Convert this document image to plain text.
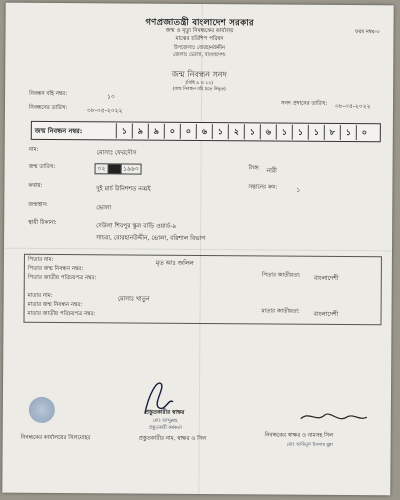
গণপ্রজাতন্ত্রী বাংলাদেশ সরকার
জন্ম ও মৃত্যু নিবন্ধকের কার্যালয়
মাঝের চরিশিপ পরিষদ
উপজেলাঃ বোরহানউদ্দীন
জেলাঃ ভোলা, বাংলাদেশ।
জন্ম নিবন্ধন সনদ
(বিধি ৯ ও ১০)
(জন্ম নিবন্ধন বহি হতে উদ্ধৃত)
ফরম নম্বর-৩
নিবন্ধন বহি নম্বর:	১০
নিবন্ধনের তারিখ:	০৮-০৫-২০২২
সনদ প্রদানের তারিখ: ০৮-০৫-২০২২
জন্ম নিবন্ধন নম্বর:	১	৯	৯	০	০	৬	১	২	১	৬	১	১	১	৮	১	০
নাম:	মোসাঃ ফেরদৌস
জন্ম তারিখ:	০২ ০৩ ১৯৯০	লিঙ্গ: নারী
কথায়:	দুই মার্চ উনিশশত নব্বই	সন্তানের ক্রম:	১
জন্মস্থান:	ভোলা
স্থায়ী ঠিকানা:	দেউলা শিবপুর স্কুল বাড়ি ওয়ার্ড-৯
সাচরা, বোরহানউদ্দীন, ভোলা, বরিশাল বিভাগ
পিতার নাম:	মৃত আঃ জলিল
পিতার জন্ম নিবন্ধন নম্বর:
পিতার জাতীয় পরিচয়পত্র নম্বর:	পিতার জাতীয়তা: বাংলাদেশী
মাতার নাম:	মোসাঃ খাতুন
মাতার জন্ম নিবন্ধন নম্বর:
মাতার জাতীয় পরিচয়পত্র নম্বর:	মাতার জাতীয়তা: বাংলাদেশী
নিবন্ধকের কার্যালয়ের সিলমোহর
প্রস্তুতকারীর স্বাক্ষর
মোঃ আব্দুল্লাহ
প্রস্তুতকারী কর্মকর্তা
প্রস্তুতকারীর নাম, স্বাক্ষর ও সিল	নিবন্ধকের স্বাক্ষর ও নামসহ সিল
মোঃ আমিনুল ইসলাম মুন্না
